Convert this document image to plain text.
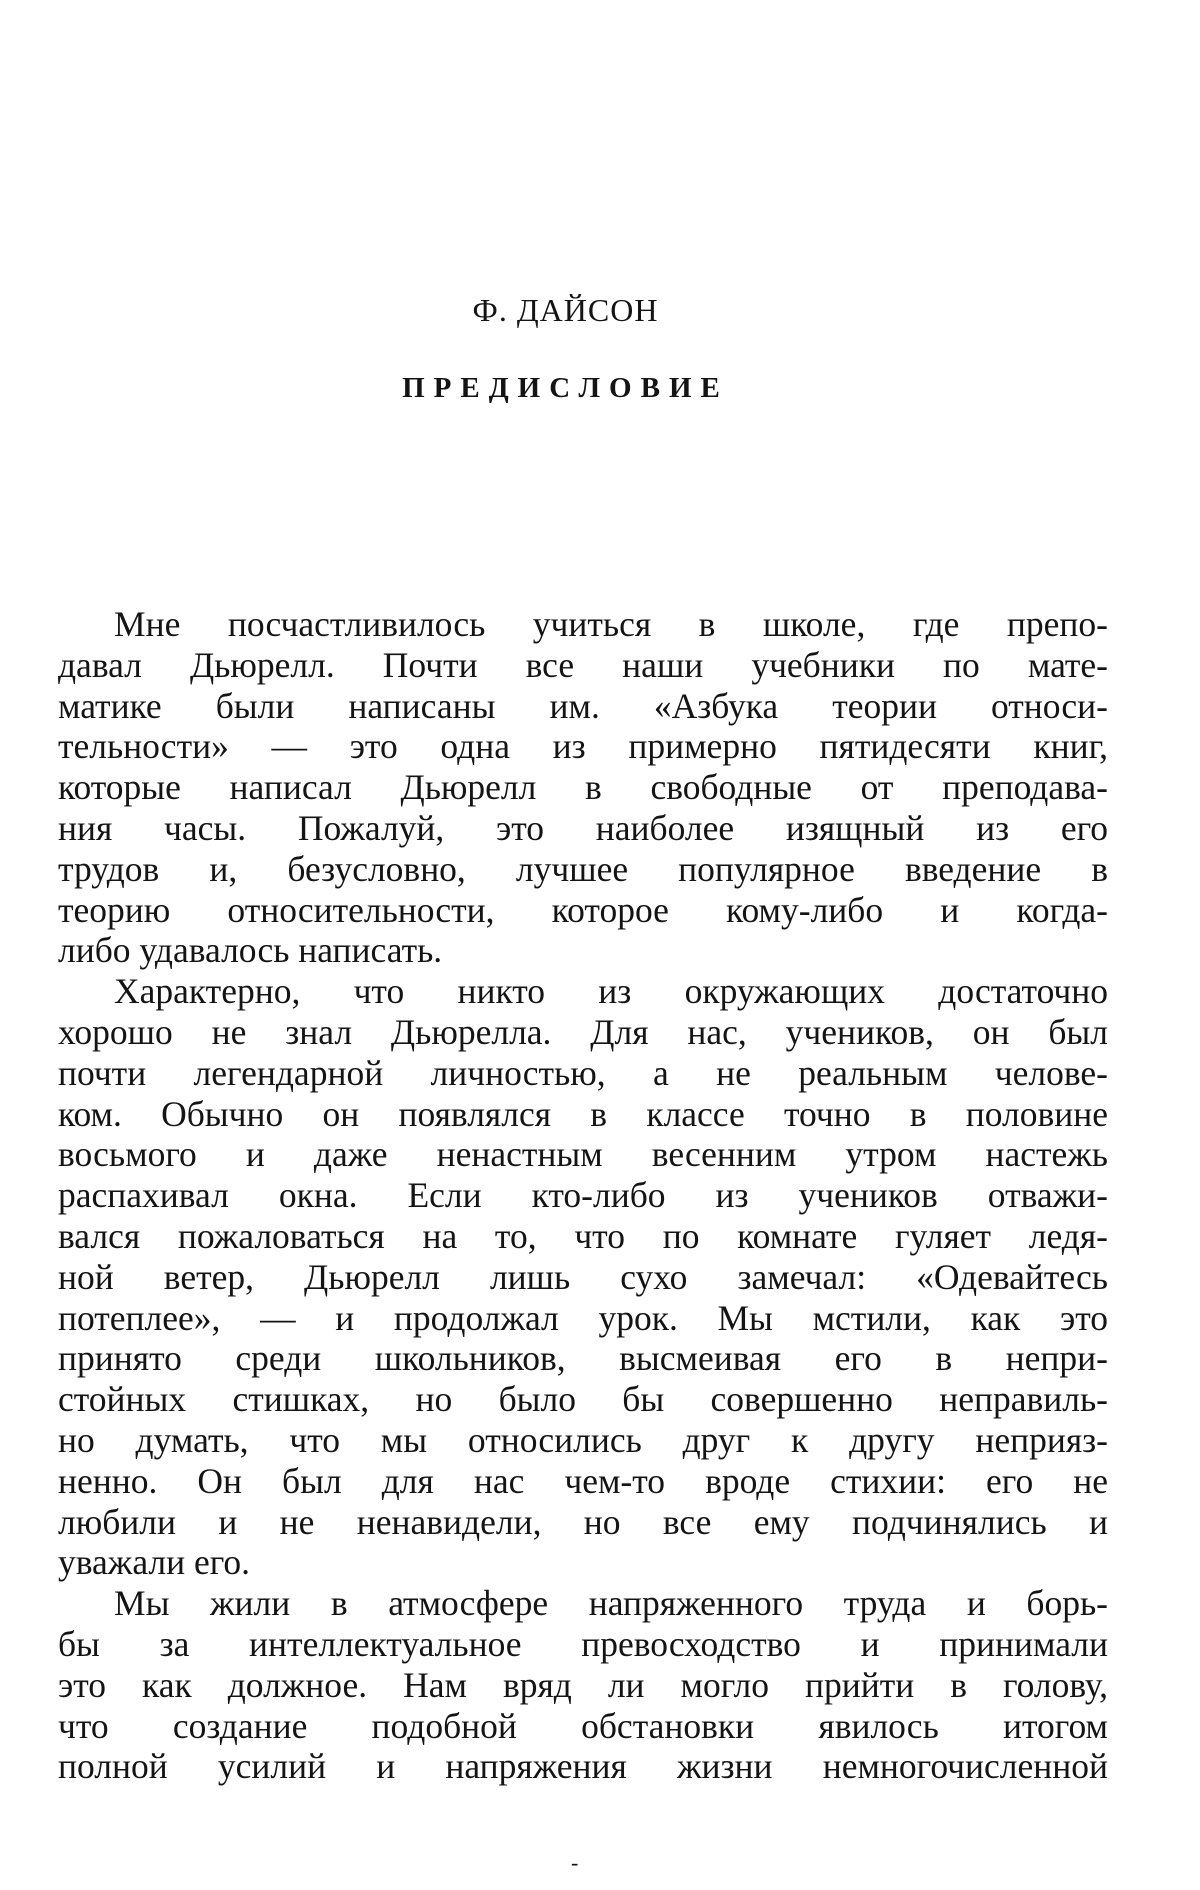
Ф. ДАЙСОН
ПРЕДИСЛОВИЕ

Мне посчастливилось учиться в школе, где препо-
давал Дьюрелл. Почти все наши учебники по мате-
матике были написаны им. «Азбука теории относи-
тельности» — это одна из примерно пятидесяти книг,
которые написал Дьюрелл в свободные от преподава-
ния часы. Пожалуй, это наиболее изящный из его
трудов и, безусловно, лучшее популярное введение в
теорию относительности, которое кому-либо и когда-
либо удавалось написать.

Характерно, что никто из окружающих достаточно
хорошо не знал Дьюрелла. Для нас, учеников, он был
почти легендарной личностью, а не реальным челове-
ком. Обычно он появлялся в классе точно в половине
восьмого и даже ненастным весенним утром настежь
распахивал окна. Если кто-либо из учеников отважи-
вался пожаловаться на то, что по комнате гуляет ледя-
ной ветер, Дьюрелл лишь сухо замечал: «Одевайтесь
потеплее», — и продолжал урок. Мы мстили, как это
принято среди школьников, высмеивая его в непри-
стойных стишках, но было бы совершенно неправиль-
но думать, что мы относились друг к другу неприяз-
ненно. Он был для нас чем-то вроде стихии: его не
любили и не ненавидели, но все ему подчинялись и
уважали его.

Мы жили в атмосфере напряженного труда и борь-
бы за интеллектуальное превосходство и принимали
это как должное. Нам вряд ли могло прийти в голову,
что создание подобной обстановки явилось итогом
полной усилий и напряжения жизни немногочисленной

-
